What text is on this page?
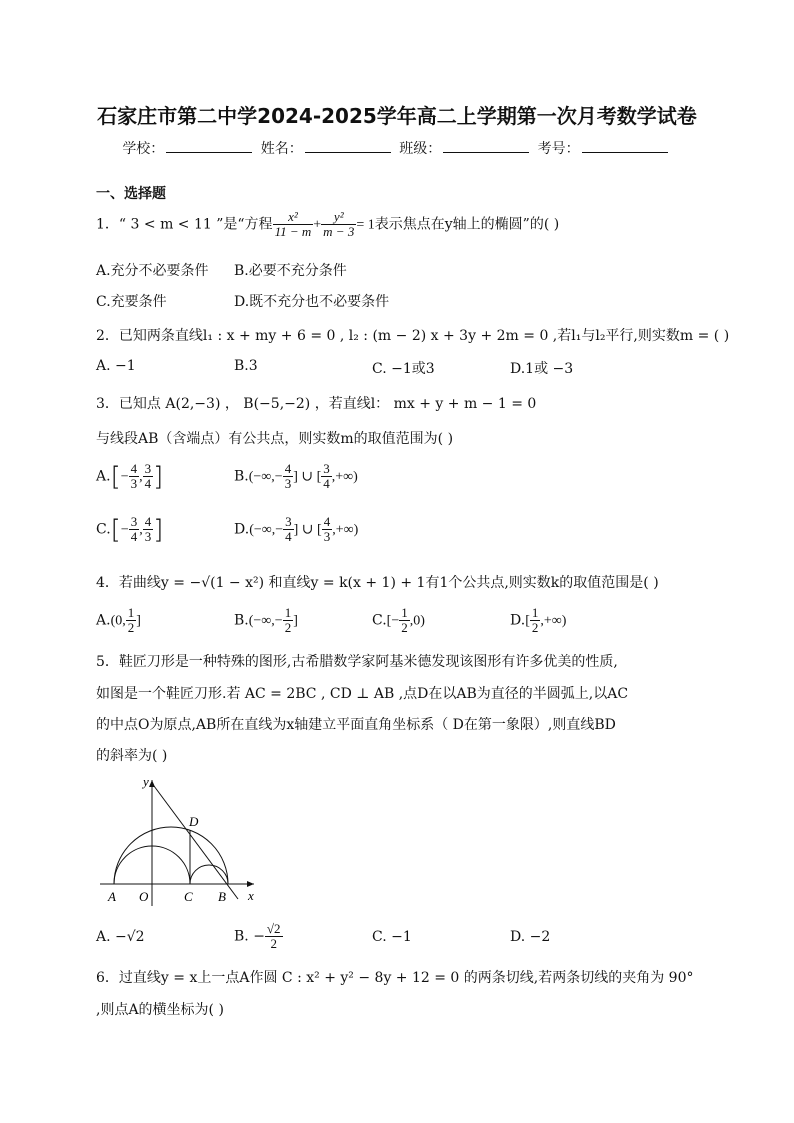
石家庄市第二中学2024-2025学年高二上学期第一次月考数学试卷
学校：	姓名：	班级：	考号：
一、选择题
1．“ 3 < m < 11 ”是“方程 $\frac{\text{x²}}{11 - m} + \frac{\text{y²}}{m - 3} = 1$表示焦点在y轴上的椭圆”的( )
A.充分不必要条件 B.必要不充分条件
C.充要条件	D.既不充分也不必要条件
2．已知两条直线l₁ : x + my + 6 = 0 , l₂ : (m − 2) x + 3y + 2m = 0 ,若l₁与l₂平行,则实数m = ( )
A. −1	B.3	C. −1或3	D.1或 −3
3．已知点 A(2,−3) ， B(−5,−2) ，若直线l： mx + y + m − 1 = 0
与线段AB（含端点）有公共点，则实数m的取值范围为( )
$A.[- \frac{4}{3}$ , $\frac{3}{4}$ ]	$B.(-\infty,- \frac{4}{3}$ ] ∪ [ $\frac{3}{4}$ ,+∞)
$C.[- \frac{3}{4}$ , $\frac{4}{3}$ ]	$D.(-\infty,- \frac{3}{4}$ ] ∪ [ $\frac{4}{3}$ ,+∞)
4．若曲线y = −√(1 − x²) 和直线y = k(x + 1) + 1有1个公共点,则实数k的取值范围是( )
A.(0, $\frac{1}{2}$ ]	$B.(-\infty,- \frac{1}{2}$ ]	$C.[- \frac{1}{2} ,0)$	$D.[ \frac{1}{2}$ ,+∞)
5．鞋匠刀形是一种特殊的图形,古希腊数学家阿基米德发现该图形有许多优美的性质,
如图是一个鞋匠刀形.若 AC = 2BC , CD ⊥ AB ,点D在以AB为直径的半圆弧上,以AC
的中点O为原点,AB所在直线为x轴建立平面直角坐标系（ D在第一象限）,则直线BD
的斜率为( )
y
x
A O	C B
D
A. −√2	B. − $\frac{√2}{2}$	C. −1	D. −2
6．过直线y = x上一点A作圆 C : x² + y² − 8y + 12 = 0 的两条切线,若两条切线的夹角为 90°
,则点A的横坐标为( )
